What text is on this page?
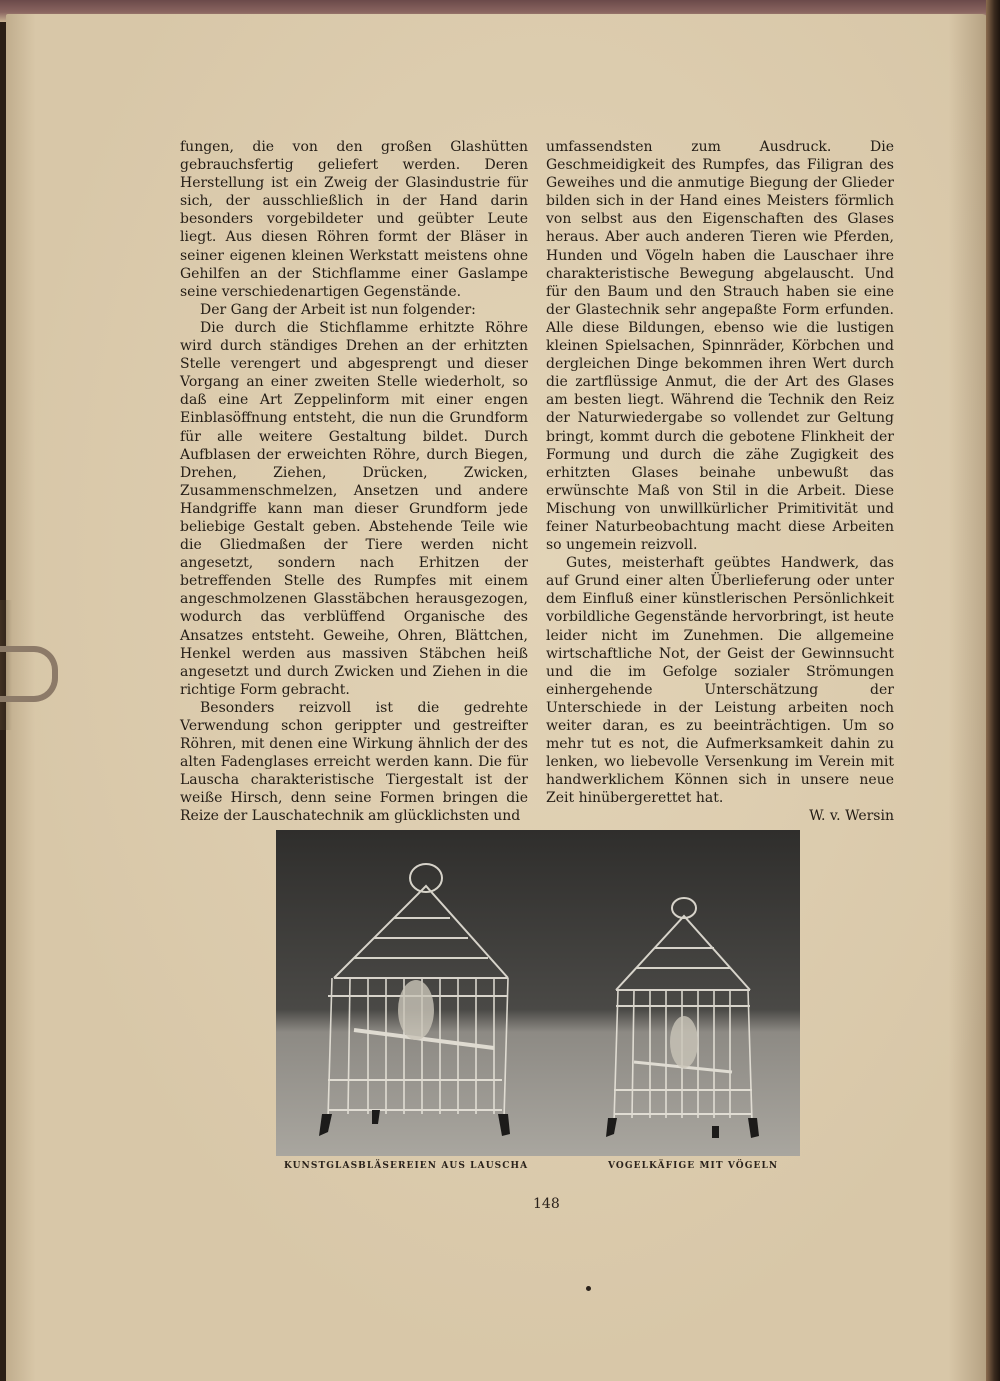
fungen, die von den großen Glashütten gebrauchsfertig geliefert werden. Deren Herstellung ist ein Zweig der Glasindustrie für sich, der ausschließlich in der Hand darin besonders vorgebildeter und geübter Leute liegt. Aus diesen Röhren formt der Bläser in seiner eigenen kleinen Werkstatt meistens ohne Gehilfen an der Stichflamme einer Gaslampe seine verschiedenartigen Gegenstände.

Der Gang der Arbeit ist nun folgender:

Die durch die Stichflamme erhitzte Röhre wird durch ständiges Drehen an der erhitzten Stelle verengert und abgesprengt und dieser Vorgang an einer zweiten Stelle wiederholt, so daß eine Art Zeppelinform mit einer engen Einblasöffnung entsteht, die nun die Grundform für alle weitere Gestaltung bildet. Durch Aufblasen der erweichten Röhre, durch Biegen, Drehen, Ziehen, Drücken, Zwicken, Zusammenschmelzen, Ansetzen und andere Handgriffe kann man dieser Grundform jede beliebige Gestalt geben. Abstehende Teile wie die Gliedmaßen der Tiere werden nicht angesetzt, sondern nach Erhitzen der betreffenden Stelle des Rumpfes mit einem angeschmolzenen Glasstäbchen herausgezogen, wodurch das verblüffend Organische des Ansatzes entsteht. Geweihe, Ohren, Blättchen, Henkel werden aus massiven Stäbchen heiß angesetzt und durch Zwicken und Ziehen in die richtige Form gebracht.

Besonders reizvoll ist die gedrehte Verwendung schon gerippter und gestreifter Röhren, mit denen eine Wirkung ähnlich der des alten Fadenglases erreicht werden kann. Die für Lauscha charakteristische Tiergestalt ist der weiße Hirsch, denn seine Formen bringen die Reize der Lauschatechnik am glücklichsten und

umfassendsten zum Ausdruck. Die Geschmeidigkeit des Rumpfes, das Filigran des Geweihes und die anmutige Biegung der Glieder bilden sich in der Hand eines Meisters förmlich von selbst aus den Eigenschaften des Glases heraus. Aber auch anderen Tieren wie Pferden, Hunden und Vögeln haben die Lauschaer ihre charakteristische Bewegung abgelauscht. Und für den Baum und den Strauch haben sie eine der Glastechnik sehr angepaßte Form erfunden. Alle diese Bildungen, ebenso wie die lustigen kleinen Spielsachen, Spinnräder, Körbchen und dergleichen Dinge bekommen ihren Wert durch die zartflüssige Anmut, die der Art des Glases am besten liegt. Während die Technik den Reiz der Naturwiedergabe so vollendet zur Geltung bringt, kommt durch die gebotene Flinkheit der Formung und durch die zähe Zugigkeit des erhitzten Glases beinahe unbewußt das erwünschte Maß von Stil in die Arbeit. Diese Mischung von unwillkürlicher Primitivität und feiner Naturbeobachtung macht diese Arbeiten so ungemein reizvoll.

Gutes, meisterhaft geübtes Handwerk, das auf Grund einer alten Überlieferung oder unter dem Einfluß einer künstlerischen Persönlichkeit vorbildliche Gegenstände hervorbringt, ist heute leider nicht im Zunehmen. Die allgemeine wirtschaftliche Not, der Geist der Gewinnsucht und die im Gefolge sozialer Strömungen einhergehende Unterschätzung der Unterschiede in der Leistung arbeiten noch weiter daran, es zu beeinträchtigen. Um so mehr tut es not, die Aufmerksamkeit dahin zu lenken, wo liebevolle Versenkung im Verein mit handwerklichem Können sich in unsere neue Zeit hinübergerettet hat.

W. v. Wersin
KUNSTGLASBLÄSEREIEN AUS LAUSCHA	VOGELKÄFIGE MIT VÖGELN
148
